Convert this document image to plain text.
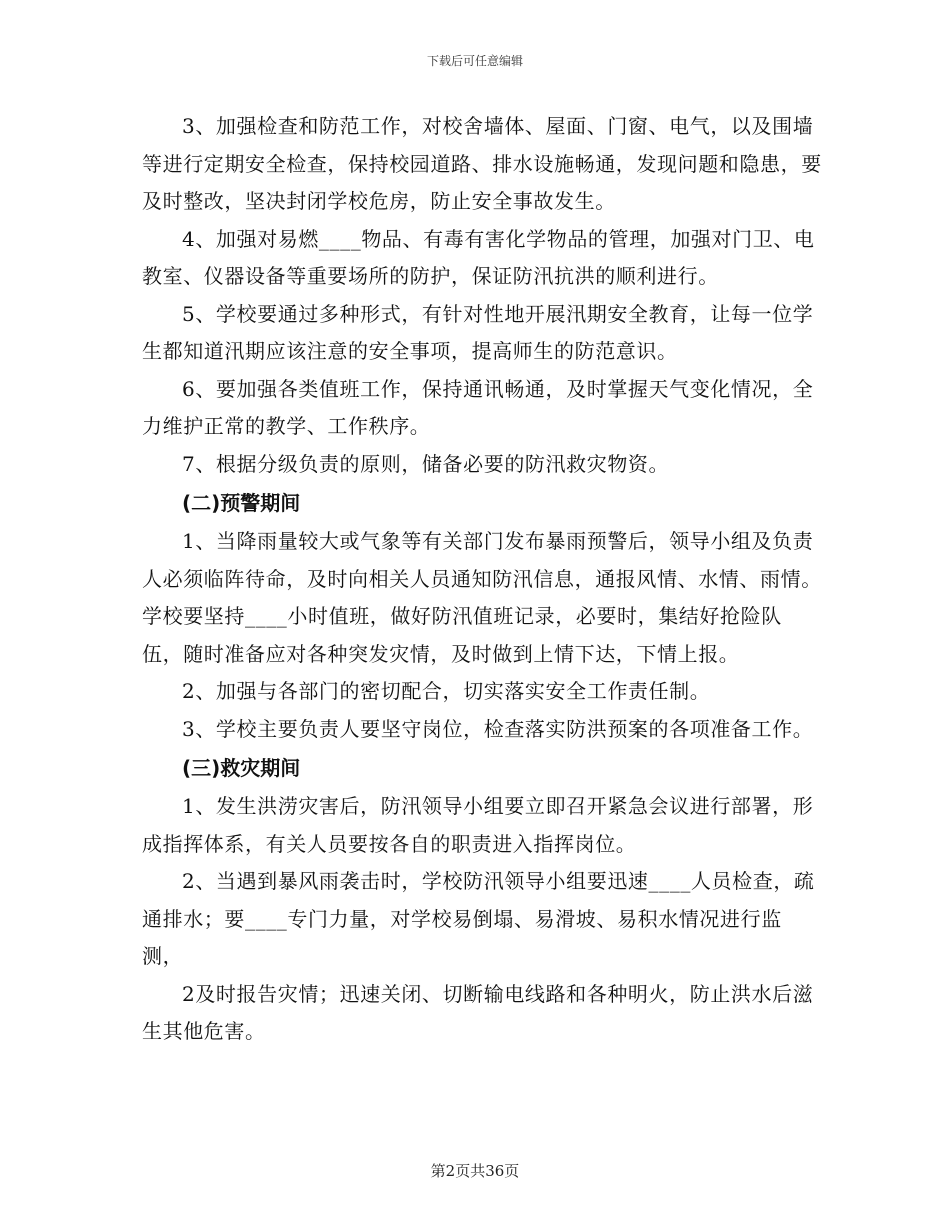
下载后可任意编辑

3、加强检查和防范工作，对校舍墙体、屋面、门窗、电气，以及围墙等进行定期安全检查，保持校园道路、排水设施畅通，发现问题和隐患，要及时整改，坚决封闭学校危房，防止安全事故发生。

4、加强对易燃____物品、有毒有害化学物品的管理，加强对门卫、电教室、仪器设备等重要场所的防护，保证防汛抗洪的顺利进行。

5、学校要通过多种形式，有针对性地开展汛期安全教育，让每一位学生都知道汛期应该注意的安全事项，提高师生的防范意识。

6、要加强各类值班工作，保持通讯畅通，及时掌握天气变化情况，全力维护正常的教学、工作秩序。

7、根据分级负责的原则，储备必要的防汛救灾物资。

(二)预警期间

1、当降雨量较大或气象等有关部门发布暴雨预警后，领导小组及负责人必须临阵待命，及时向相关人员通知防汛信息，通报风情、水情、雨情。学校要坚持____小时值班，做好防汛值班记录，必要时，集结好抢险队伍，随时准备应对各种突发灾情，及时做到上情下达，下情上报。

2、加强与各部门的密切配合，切实落实安全工作责任制。

3、学校主要负责人要坚守岗位，检查落实防洪预案的各项准备工作。

(三)救灾期间

1、发生洪涝灾害后，防汛领导小组要立即召开紧急会议进行部署，形成指挥体系，有关人员要按各自的职责进入指挥岗位。

2、当遇到暴风雨袭击时，学校防汛领导小组要迅速____人员检查，疏通排水；要____专门力量，对学校易倒塌、易滑坡、易积水情况进行监测，

2及时报告灾情；迅速关闭、切断输电线路和各种明火，防止洪水后滋生其他危害。

第2页共36页
